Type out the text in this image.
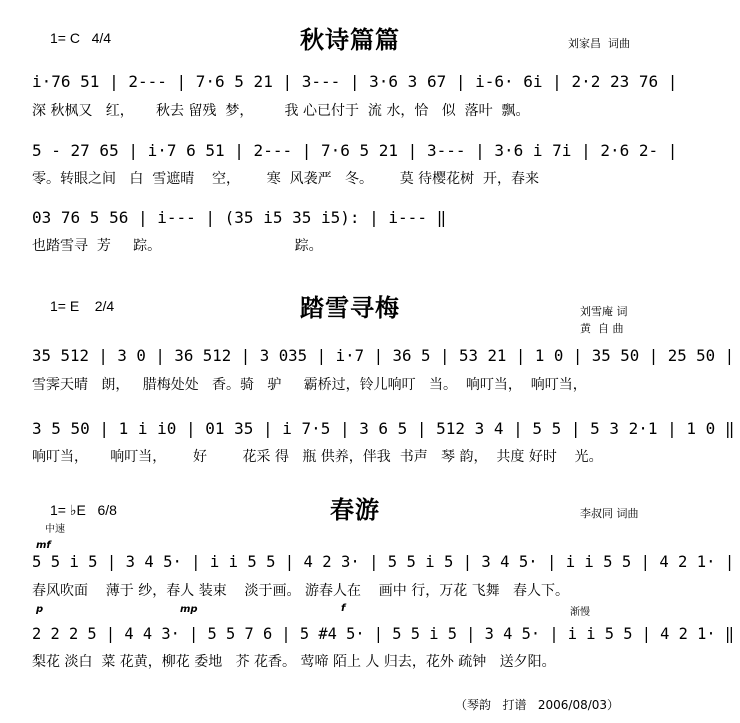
1= C   4/4	秋诗篇篇	刘家昌  词曲
i·76 51 | 2--- | 7·6 5 21 | 3--- | 3·6 3 67 | i-6· 6i | 2·2 23 76 |
深 秋枫又   红，     秋去 留残  梦，       我 心已付于  流 水，恰   似  落叶  飘。
5 - 27 65 | i·7 6 51 | 2--- | 7·6 5 21 | 3--- | 3·6 i 7i | 2·6 2- |
零。转眼之间   白  雪遮晴    空，      寒  风袭严   冬。      莫 待樱花树  开，春来
03 76 5 56 | i--- | (35 i5 35 i5): | i--- ‖
也踏雪寻  芳     踪。                              踪。
1= E    2/4	踏雪寻梅	刘雪庵 词
黄  自 曲
35 512 | 3 0 | 36 512 | 3 035 | i·7 | 36 5 | 53 21 | 1 0 | 35 50 | 25 50 |
雪霁天晴   朗，   腊梅处处   香。骑   驴     霸桥过，铃儿响叮   当。  响叮当，  响叮当，
3 5 50 | 1 i i0 | 01 35 | i 7·5 | 3 6 5 | 512 3 4 | 5 5 | 5 3 2·1 | 1 0 ‖
响叮当，     响叮当，      好        花采 得   瓶 供养，伴我  书声   琴 韵，  共度 好时    光。
1= ♭E   6/8	春游	李叔同 词曲
中速
mf
5 5 i 5 | 3 4 5· | i i 5 5 | 4 2 3· | 5 5 i 5 | 3 4 5· | i i 5 5 | 4 2 1· |
春风吹面    薄于 纱，春人 装束    淡于画。 游春人在    画中 行，万花 飞舞   春人下。
p	mp	f	渐慢
2 2 2 5 | 4 4 3· | 5 5 7 6 | 5 #4 5· | 5 5 i 5 | 3 4 5· | i i 5 5 | 4 2 1· ‖
梨花 淡白  菜 花黄，柳花 委地   芥 花香。 莺啼 陌上 人 归去，花外 疏钟   送夕阳。
（琴韵   打谱   2006/08/03）
